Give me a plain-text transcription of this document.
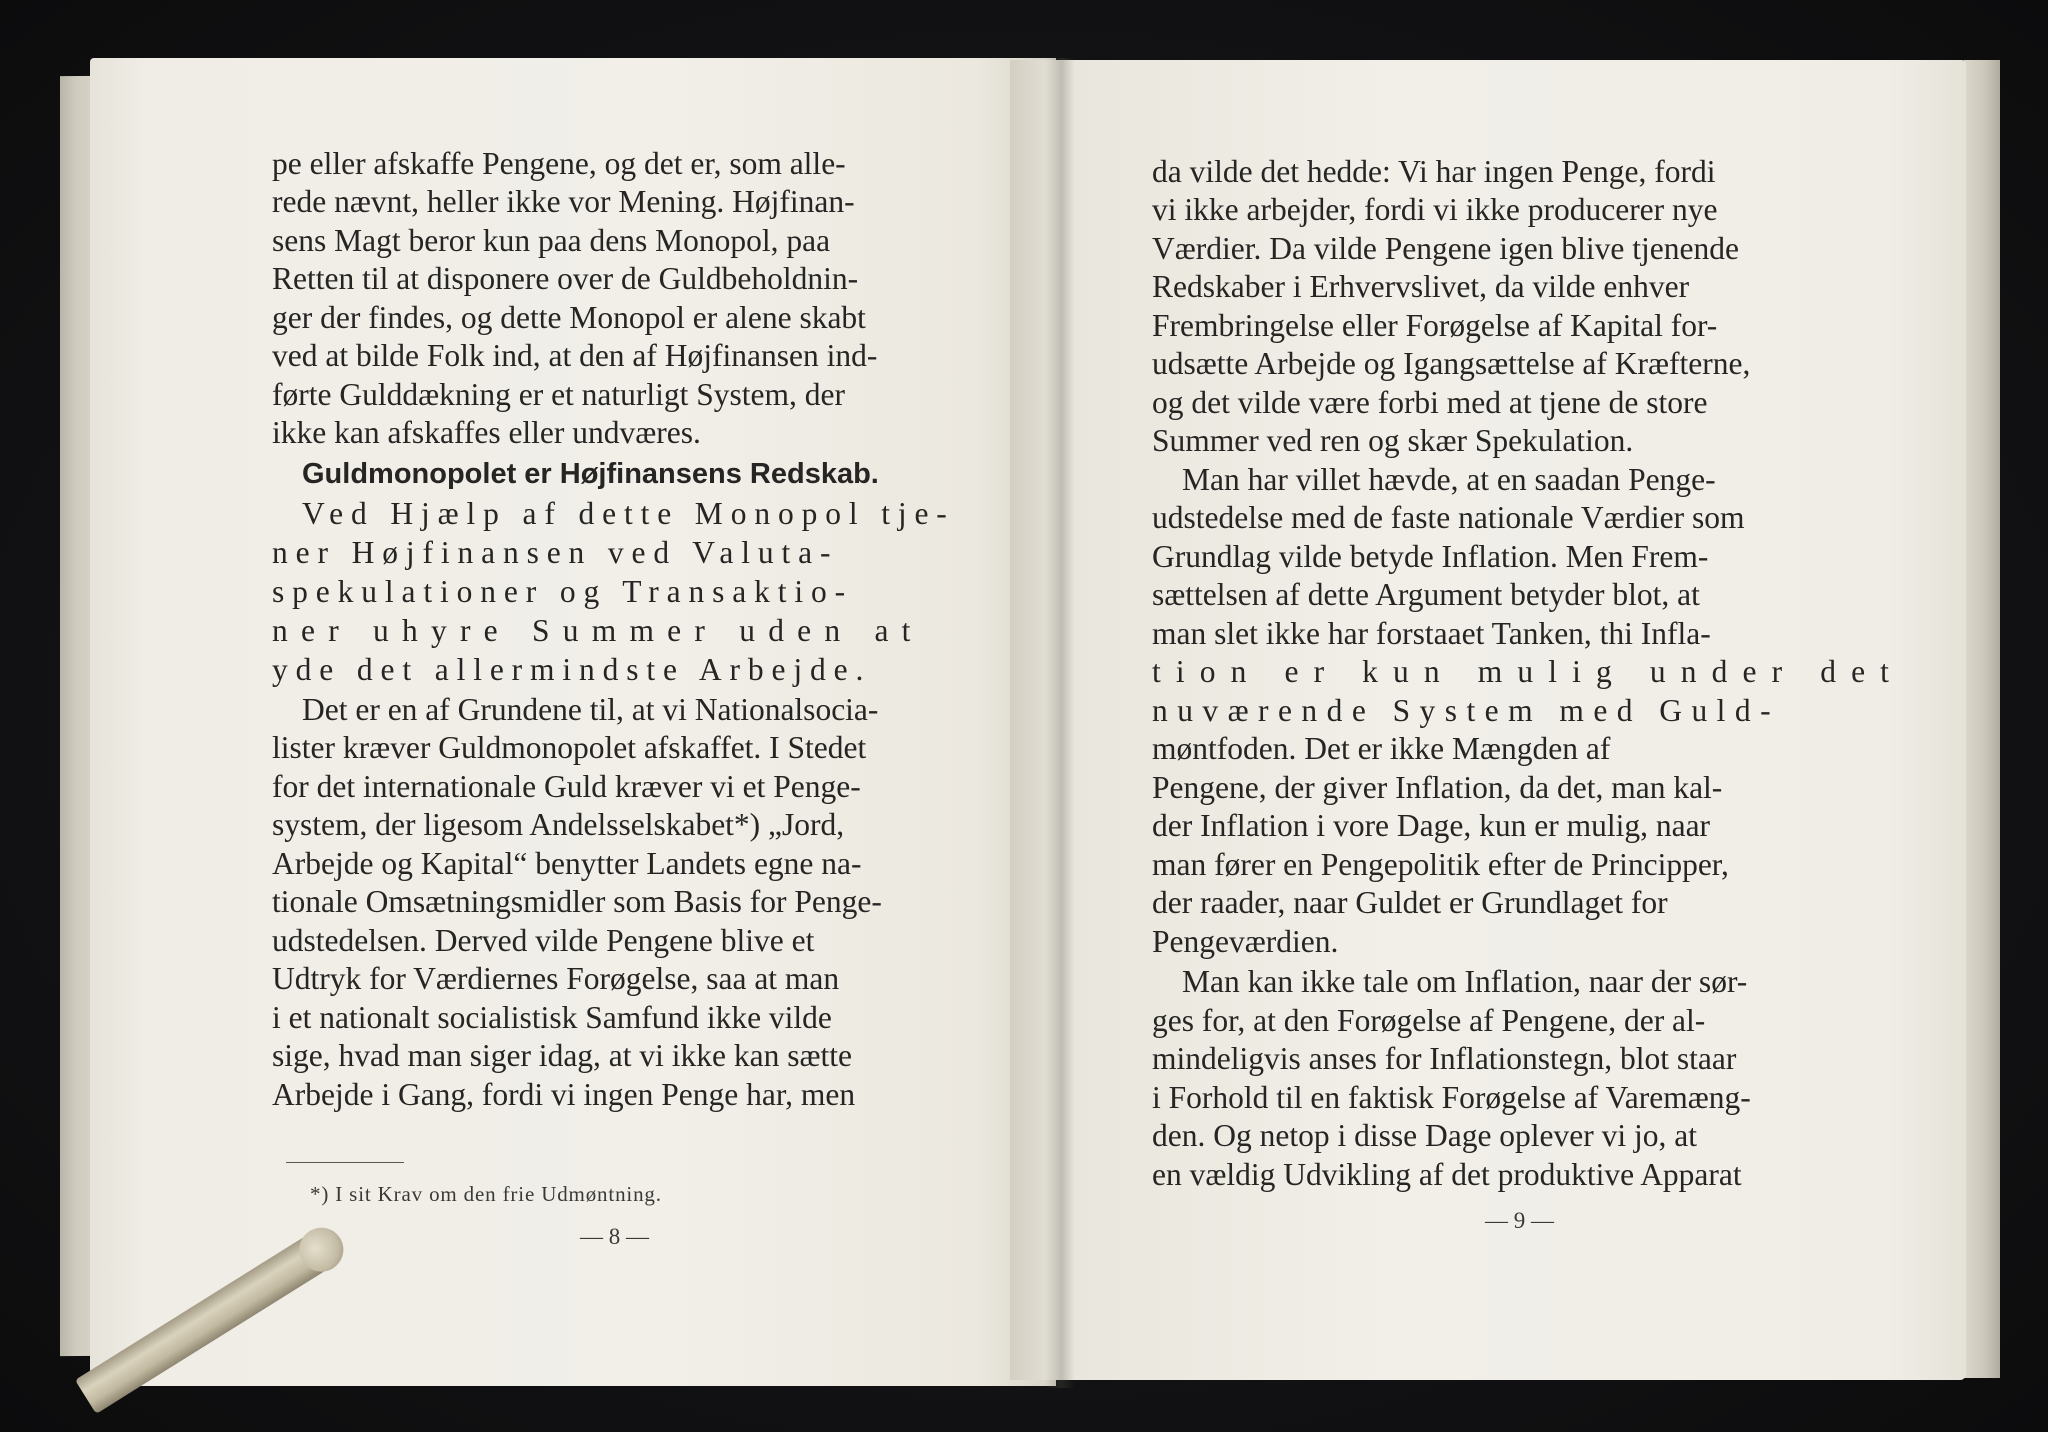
pe eller afskaffe Pengene, og det er, som alle-
rede nævnt, heller ikke vor Mening. Højfinan-
sens Magt beror kun paa dens Monopol, paa
Retten til at disponere over de Guldbeholdnin-
ger der findes, og dette Monopol er alene skabt
ved at bilde Folk ind, at den af Højfinansen ind-
førte Gulddækning er et naturligt System, der
ikke kan afskaffes eller undværes.
Guldmonopolet er Højfinansens Redskab.
Ved Hjælp af dette Monopol tje-
ner Højfinansen ved Valuta-
spekulationer og Transaktio-
ner uhyre Summer uden at
yde det allermindste Arbejde.
Det er en af Grundene til, at vi Nationalsocia-
lister kræver Guldmonopolet afskaffet. I Stedet
for det internationale Guld kræver vi et Penge-
system, der ligesom Andelsselskabet*) „Jord,
Arbejde og Kapital“ benytter Landets egne na-
tionale Omsætningsmidler som Basis for Penge-
udstedelsen. Derved vilde Pengene blive et
Udtryk for Værdiernes Forøgelse, saa at man
i et nationalt socialistisk Samfund ikke vilde
sige, hvad man siger idag, at vi ikke kan sætte
Arbejde i Gang, fordi vi ingen Penge har, men
*) I sit Krav om den frie Udmøntning.
— 8 —
da vilde det hedde: Vi har ingen Penge, fordi
vi ikke arbejder, fordi vi ikke producerer nye
Værdier. Da vilde Pengene igen blive tjenende
Redskaber i Erhvervslivet, da vilde enhver
Frembringelse eller Forøgelse af Kapital for-
udsætte Arbejde og Igangsættelse af Kræfterne,
og det vilde være forbi med at tjene de store
Summer ved ren og skær Spekulation.
Man har villet hævde, at en saadan Penge-
udstedelse med de faste nationale Værdier som
Grundlag vilde betyde Inflation. Men Frem-
sættelsen af dette Argument betyder blot, at
man slet ikke har forstaaet Tanken, thi Infla-
tion er kun mulig under det
nuværende System med Guld-
møntfoden. Det er ikke Mængden af
Pengene, der giver Inflation, da det, man kal-
der Inflation i vore Dage, kun er mulig, naar
man fører en Pengepolitik efter de Principper,
der raader, naar Guldet er Grundlaget for
Pengeværdien.
Man kan ikke tale om Inflation, naar der sør-
ges for, at den Forøgelse af Pengene, der al-
mindeligvis anses for Inflationstegn, blot staar
i Forhold til en faktisk Forøgelse af Varemæng-
den. Og netop i disse Dage oplever vi jo, at
en vældig Udvikling af det produktive Apparat
— 9 —
